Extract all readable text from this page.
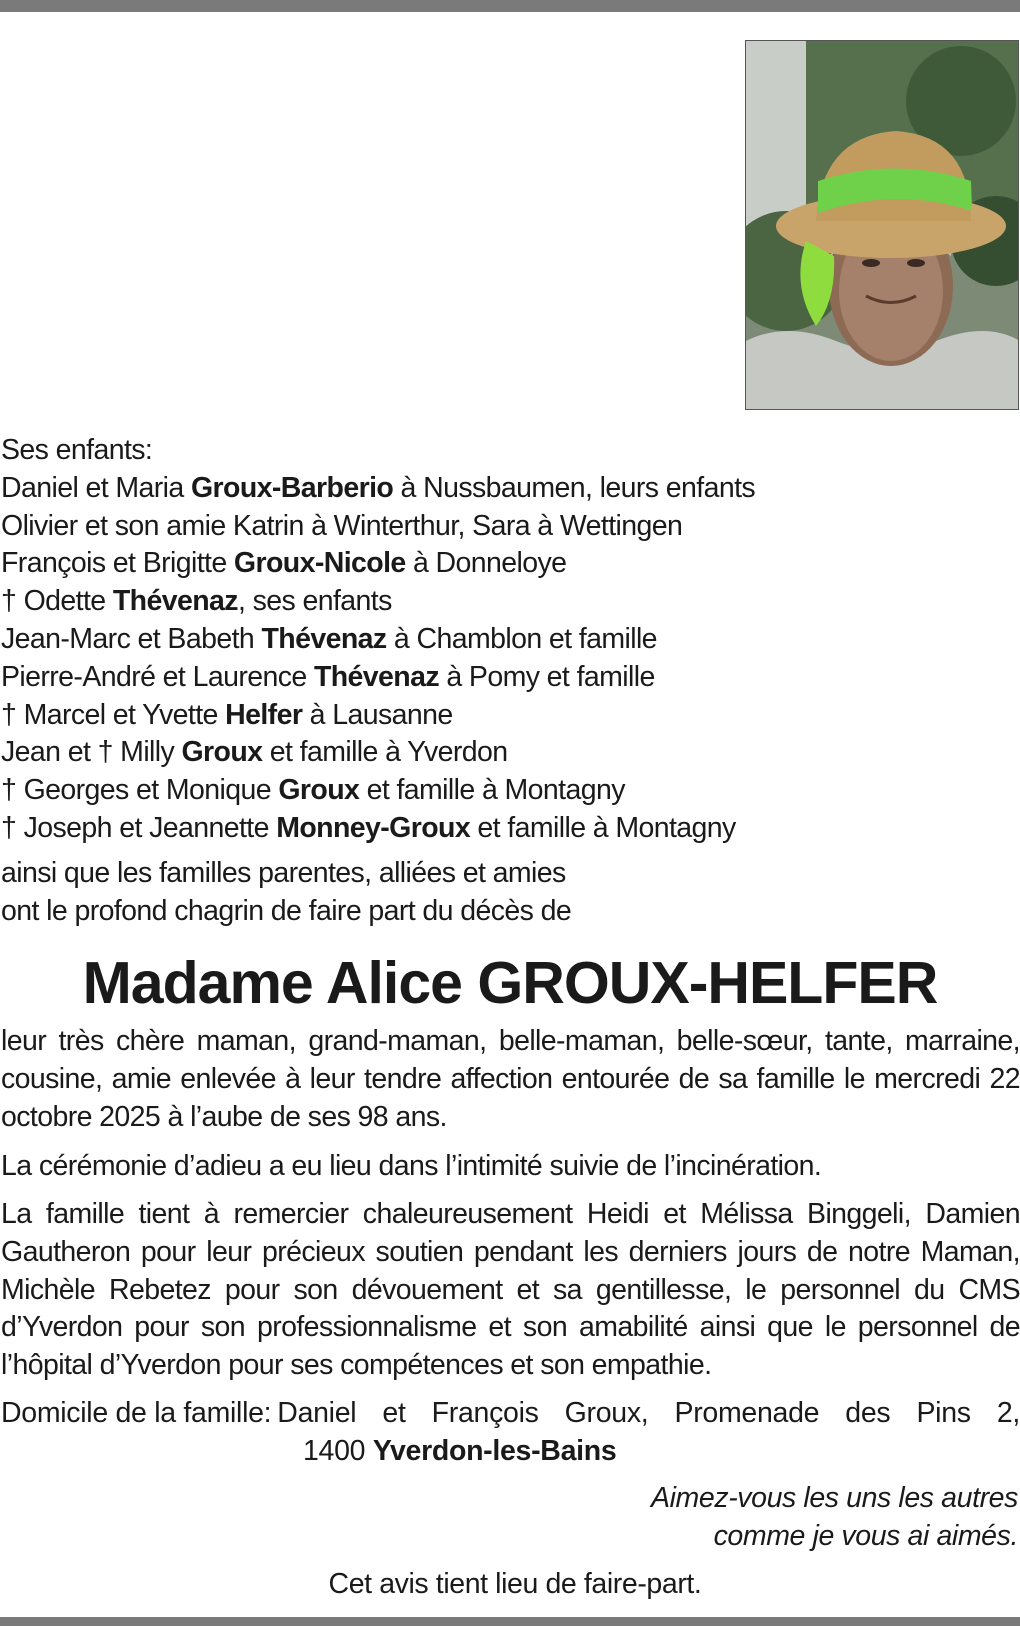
Ses enfants:
Daniel et Maria Groux-Barberio à Nussbaumen, leurs enfants
Olivier et son amie Katrin à Winterthur, Sara à Wettingen
François et Brigitte Groux-Nicole à Donneloye
† Odette Thévenaz, ses enfants
Jean-Marc et Babeth Thévenaz à Chamblon et famille
Pierre-André et Laurence Thévenaz à Pomy et famille
† Marcel et Yvette Helfer à Lausanne
Jean et † Milly Groux et famille à Yverdon
† Georges et Monique Groux et famille à Montagny
† Joseph et Jeannette Monney-Groux et famille à Montagny
ainsi que les familles parentes, alliées et amies
ont le profond chagrin de faire part du décès de
Madame Alice GROUX-HELFER
leur très chère maman, grand-maman, belle-maman, belle-sœur, tante, marraine, cousine, amie enlevée à leur tendre affection entourée de sa famille le mercredi 22 octobre 2025 à l’aube de ses 98 ans.
La cérémonie d’adieu a eu lieu dans l’intimité suivie de l’incinération.
La famille tient à remercier chaleureusement Heidi et Mélissa Binggeli, Damien Gautheron pour leur précieux soutien pendant les derniers jours de notre Maman, Michèle Rebetez pour son dévouement et sa gentillesse, le personnel du CMS d’Yverdon pour son professionnalisme et son amabilité ainsi que le personnel de l’hôpital d’Yverdon pour ses compétences et son empathie.
Domicile de la famille: Daniel et François Groux, Promenade des Pins 2,
1400 Yverdon-les-Bains
Aimez-vous les uns les autres
comme je vous ai aimés.
Cet avis tient lieu de faire-part.
